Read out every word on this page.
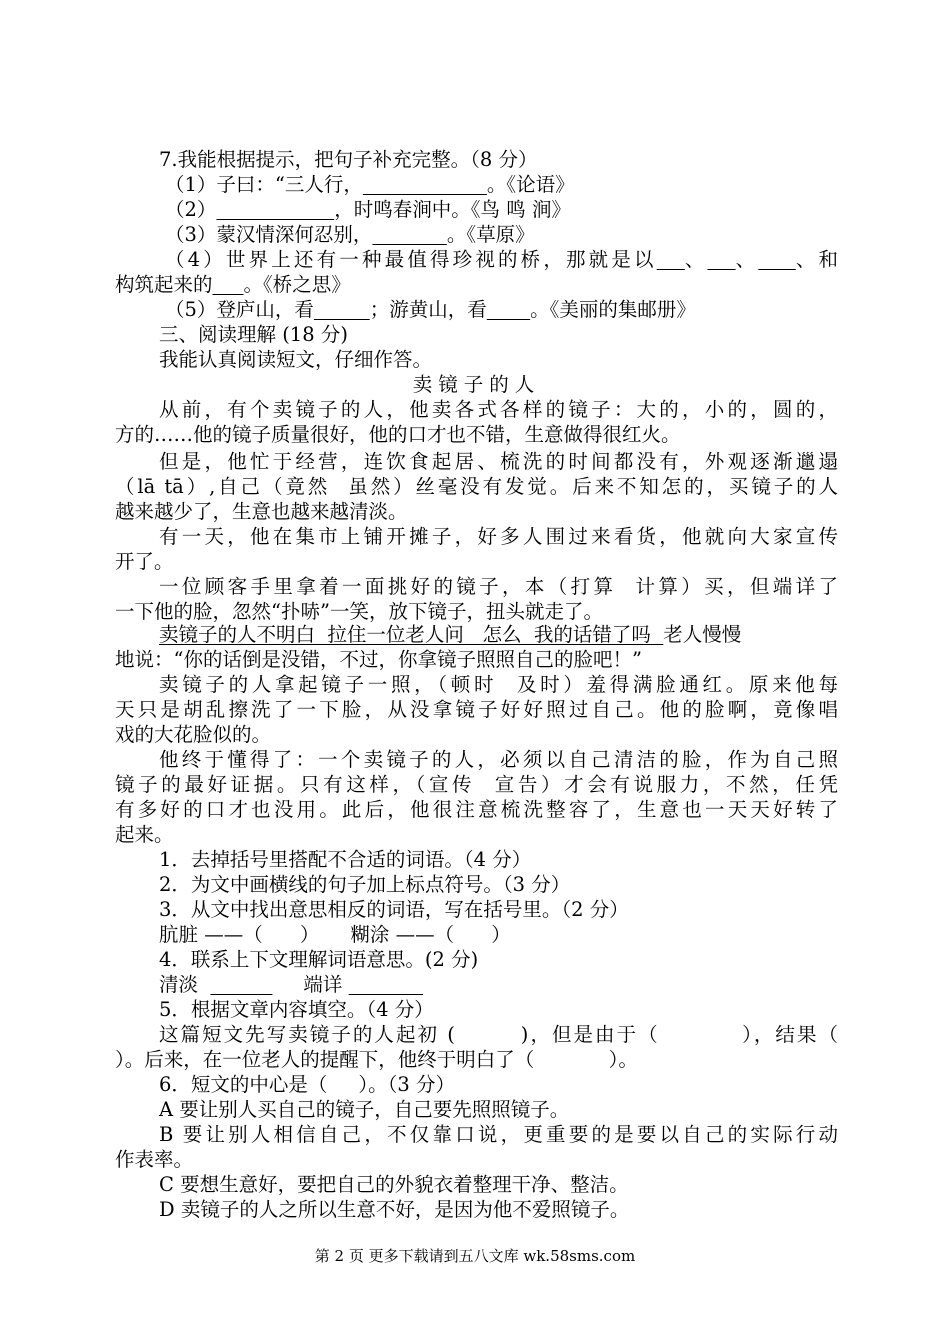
7.我能根据提示，把句子补充完整。（8 分）
（1）子曰：“三人行，	。《论语》
（2）	，时鸣春涧中。《鸟 鸣 涧》
（3）蒙汉情深何忍别，	。《草原》
（4）世界上还有一种最值得珍视的桥，那就是以 、 、 、和
构筑起来的 。《桥之思》
（5）登庐山，看	；游黄山，看 。《美丽的集邮册》
三、阅读理解 (18 分)
我能认真阅读短文，仔细作答。
卖镜子的人
从前，有个卖镜子的人，他卖各式各样的镜子：大的，小的，圆的，
方的……他的镜子质量很好，他的口才也不错，生意做得很红火。
但是，他忙于经营，连饮食起居、梳洗的时间都没有，外观逐渐邋遢
（lā tā）,自己（竟然  虽然）丝毫没有发觉。后来不知怎的，买镜子的人
越来越少了，生意也越来越清淡。
有一天，他在集市上铺开摊子，好多人围过来看货，他就向大家宣传
开了。
一位顾客手里拿着一面挑好的镜子，本（打算  计算）买，但端详了
一下他的脸，忽然“扑哧”一笑，放下镜子，扭头就走了。
卖镜子的人不明白  拉住一位老人问   怎么  我的话错了吗  老人慢慢
地说：“你的话倒是没错，不过，你拿镜子照照自己的脸吧！”
卖镜子的人拿起镜子一照，（顿时  及时）羞得满脸通红。原来他每
天只是胡乱擦洗了一下脸，从没拿镜子好好照过自己。他的脸啊，竟像唱
戏的大花脸似的。
他终于懂得了：一个卖镜子的人，必须以自己清洁的脸，作为自己照
镜子的最好证据。只有这样，（宣传  宣告）才会有说服力，不然，任凭
有多好的口才也没用。此后，他很注意梳洗整容了，生意也一天天好转了
起来。
1．去掉括号里搭配不合适的词语。（4 分）
2．为文中画横线的句子加上标点符号。（3 分）
3．从文中找出意思相反的词语，写在括号里。（2 分）
肮脏 ——（      ）     糊涂 ——（      ）
4．联系上下文理解词语意思。(2 分)
清淡	端详
5．根据文章内容填空。（4 分）
这篇短文先写卖镜子的人起初 (        )，但是由于（          ），结果（
）。后来，在一位老人的提醒下，他终于明白了（            ）。
6．短文的中心是（     ）。（3 分）
A 要让别人买自己的镜子，自己要先照照镜子。
B 要让别人相信自己，不仅靠口说，更重要的是要以自己的实际行动
作表率。
C 要想生意好，要把自己的外貌衣着整理干净、整洁。
D 卖镜子的人之所以生意不好，是因为他不爱照镜子。
第 2 页 更多下载请到五八文库 wk.58sms.com
